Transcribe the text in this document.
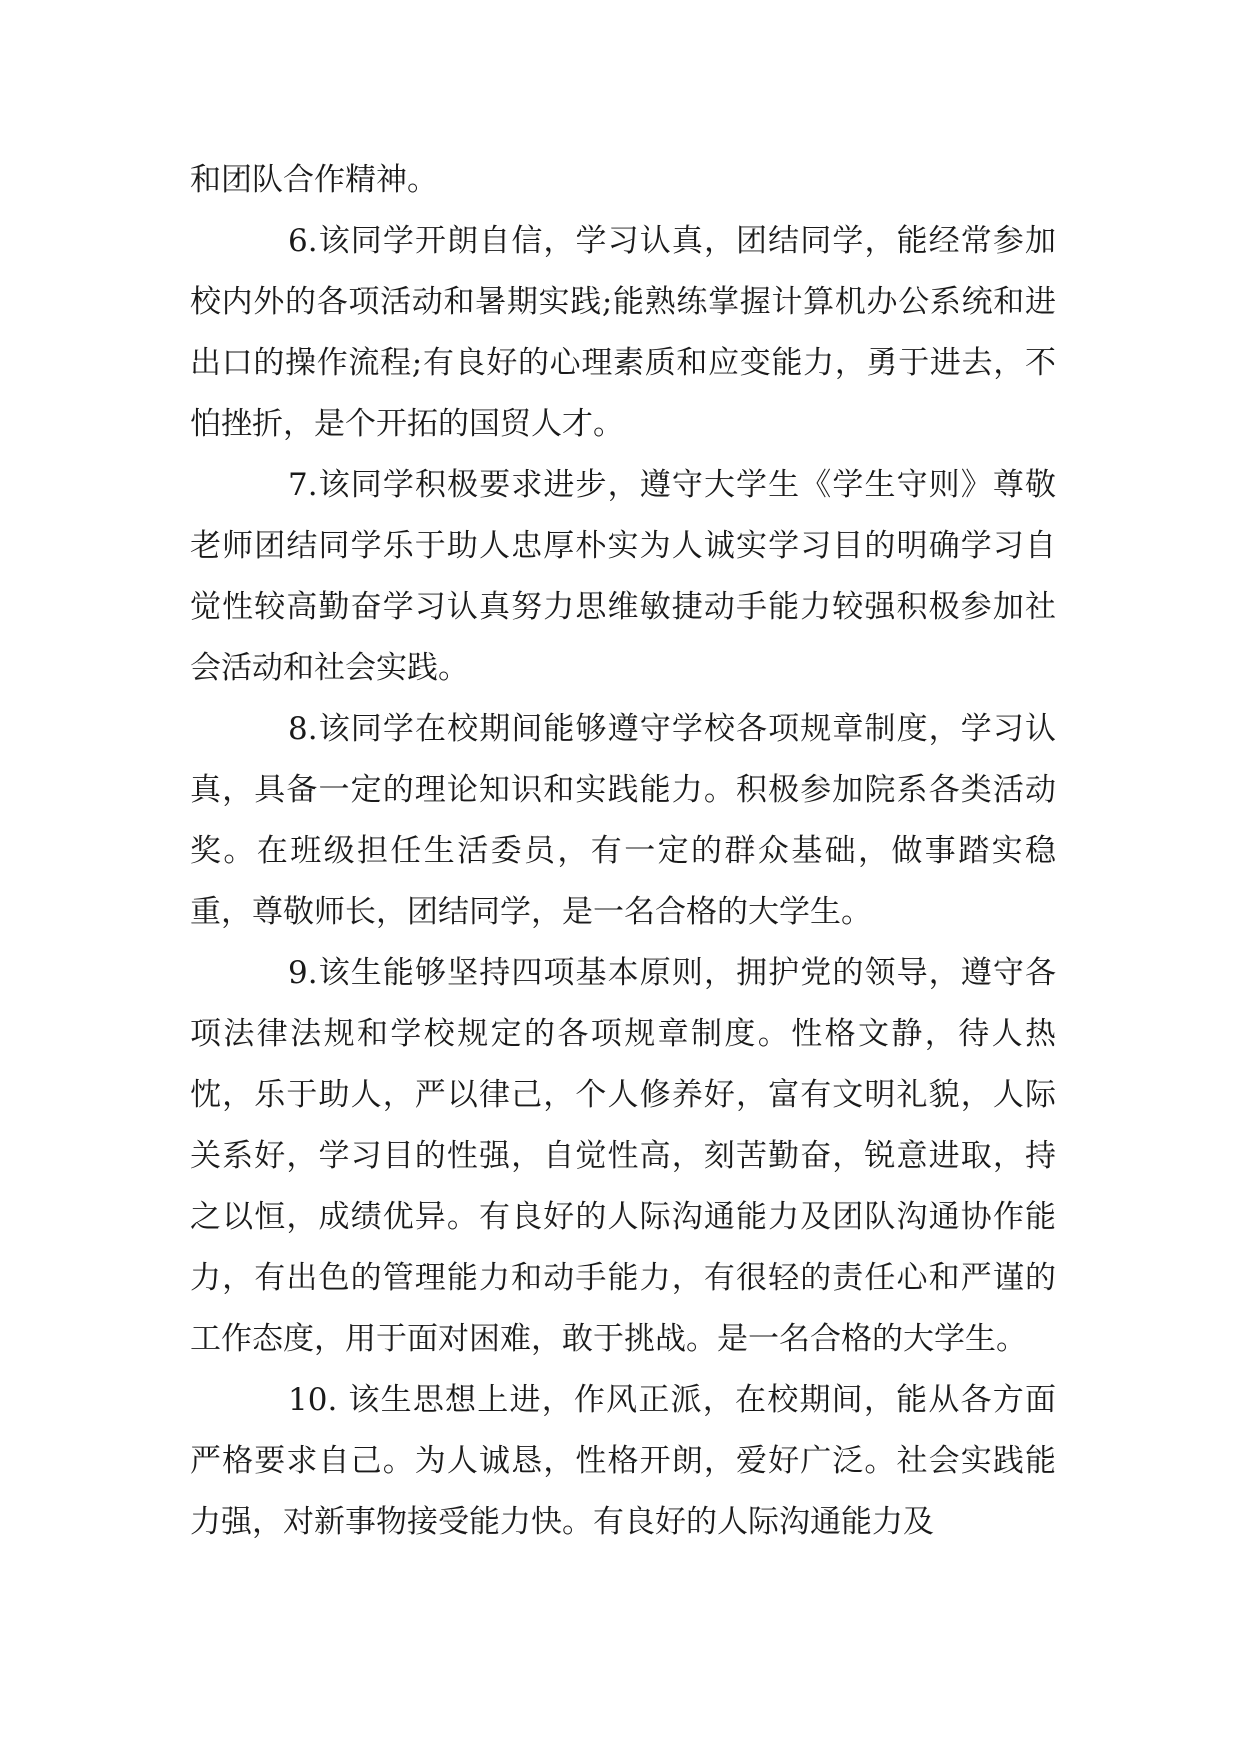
和团队合作精神。

6.该同学开朗自信，学习认真，团结同学，能经常参加校内外的各项活动和暑期实践;能熟练掌握计算机办公系统和进出口的操作流程;有良好的心理素质和应变能力，勇于进去，不怕挫折，是个开拓的国贸人才。

7.该同学积极要求进步，遵守大学生《学生守则》尊敬老师团结同学乐于助人忠厚朴实为人诚实学习目的明确学习自觉性较高勤奋学习认真努力思维敏捷动手能力较强积极参加社会活动和社会实践。

8.该同学在校期间能够遵守学校各项规章制度，学习认真，具备一定的理论知识和实践能力。积极参加院系各类活动奖。在班级担任生活委员，有一定的群众基础，做事踏实稳重，尊敬师长，团结同学，是一名合格的大学生。

9.该生能够坚持四项基本原则，拥护党的领导，遵守各项法律法规和学校规定的各项规章制度。性格文静，待人热忱，乐于助人，严以律己，个人修养好，富有文明礼貌，人际关系好，学习目的性强，自觉性高，刻苦勤奋，锐意进取，持之以恒，成绩优异。有良好的人际沟通能力及团队沟通协作能力，有出色的管理能力和动手能力，有很轻的责任心和严谨的工作态度，用于面对困难，敢于挑战。是一名合格的大学生。

10. 该生思想上进，作风正派，在校期间，能从各方面严格要求自己。为人诚恳，性格开朗，爱好广泛。社会实践能力强，对新事物接受能力快。有良好的人际沟通能力及
